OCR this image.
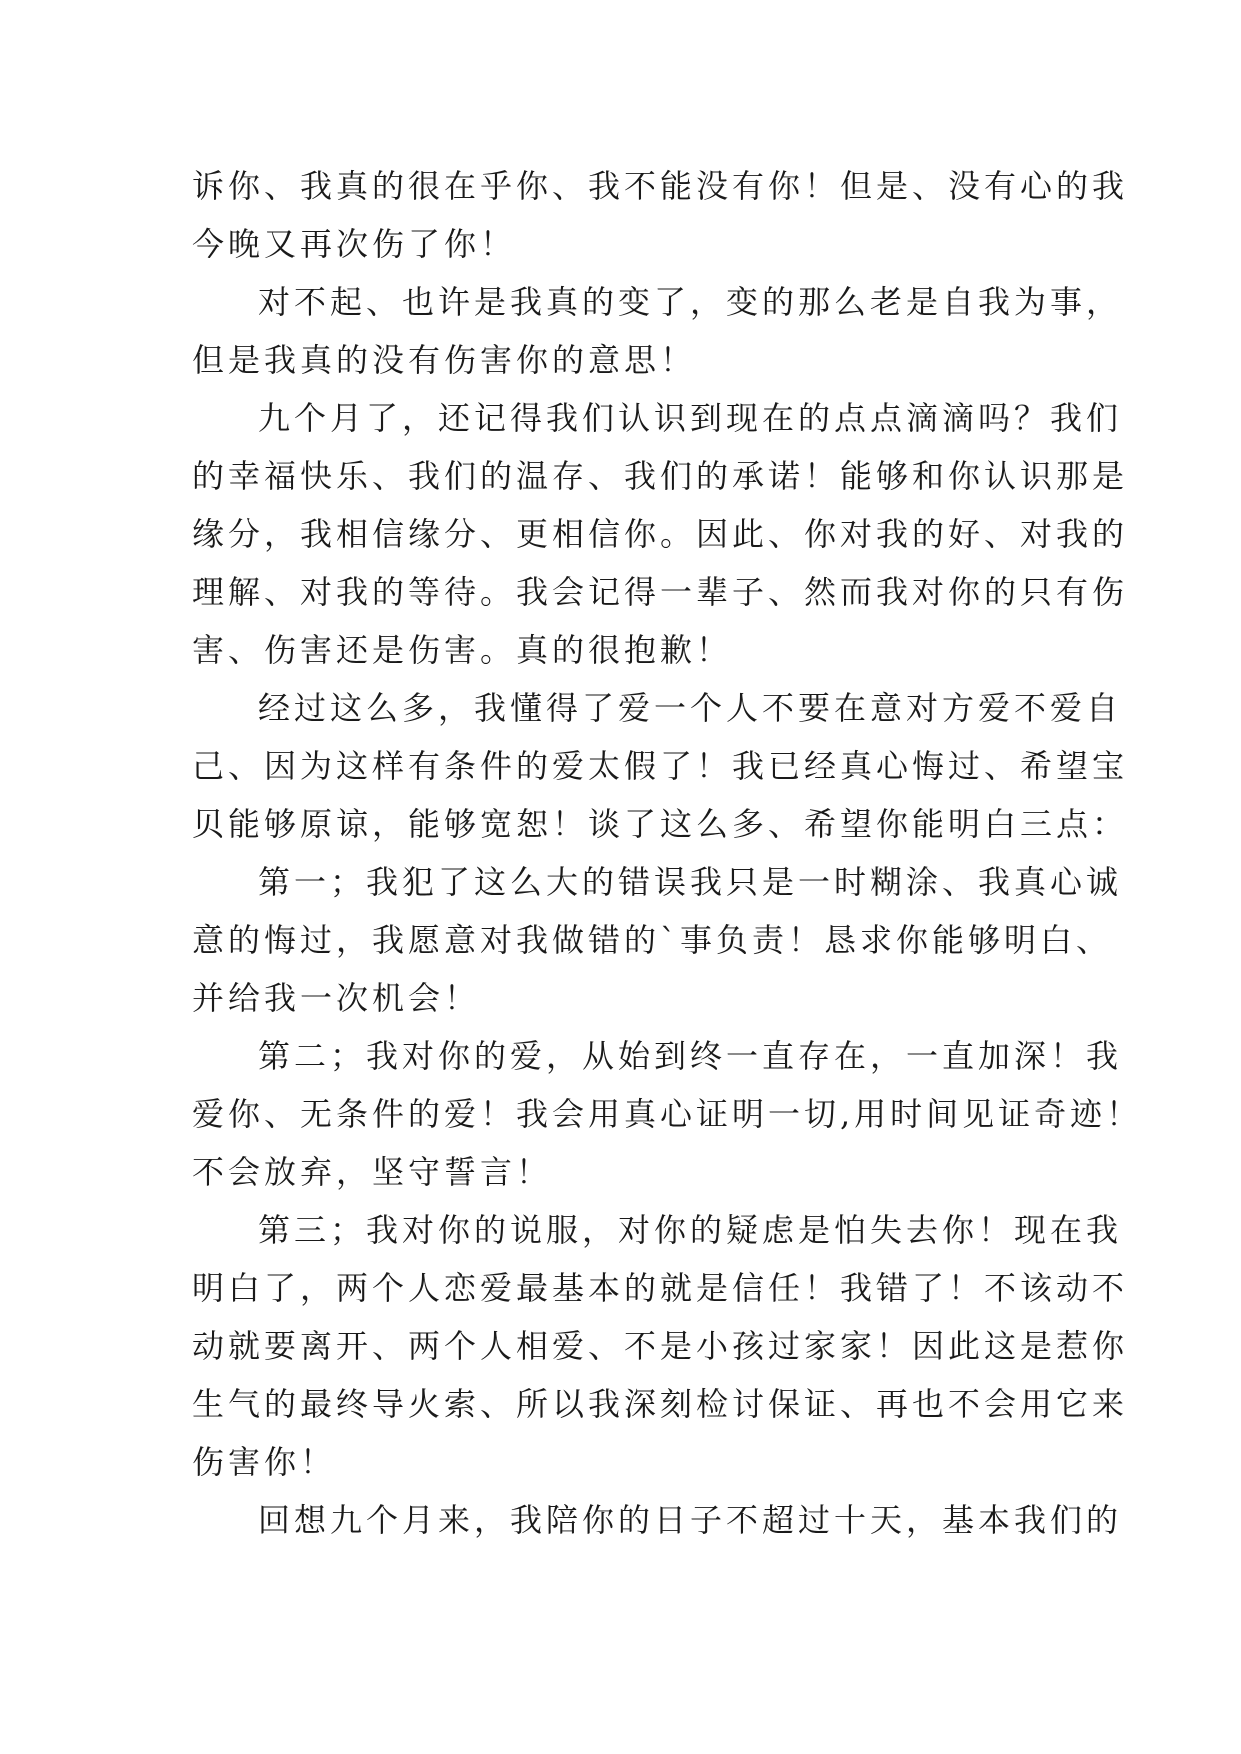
诉你、我真的很在乎你、我不能没有你！但是、没有心的我
今晚又再次伤了你！
对不起、也许是我真的变了，变的那么老是自我为事，
但是我真的没有伤害你的意思！
九个月了，还记得我们认识到现在的点点滴滴吗？我们
的幸福快乐、我们的温存、我们的承诺！能够和你认识那是
缘分，我相信缘分、更相信你。因此、你对我的好、对我的
理解、对我的等待。我会记得一辈子、然而我对你的只有伤
害、伤害还是伤害。真的很抱歉！
经过这么多，我懂得了爱一个人不要在意对方爱不爱自
己、因为这样有条件的爱太假了！我已经真心悔过、希望宝
贝能够原谅，能够宽恕！谈了这么多、希望你能明白三点：
第一；我犯了这么大的错误我只是一时糊涂、我真心诚
意的悔过，我愿意对我做错的`事负责！恳求你能够明白、
并给我一次机会！
第二；我对你的爱，从始到终一直存在，一直加深！我
爱你、无条件的爱！我会用真心证明一切,用时间见证奇迹！
不会放弃，坚守誓言！
第三；我对你的说服，对你的疑虑是怕失去你！现在我
明白了，两个人恋爱最基本的就是信任！我错了！不该动不
动就要离开、两个人相爱、不是小孩过家家！因此这是惹你
生气的最终导火索、所以我深刻检讨保证、再也不会用它来
伤害你！
回想九个月来，我陪你的日子不超过十天，基本我们的
